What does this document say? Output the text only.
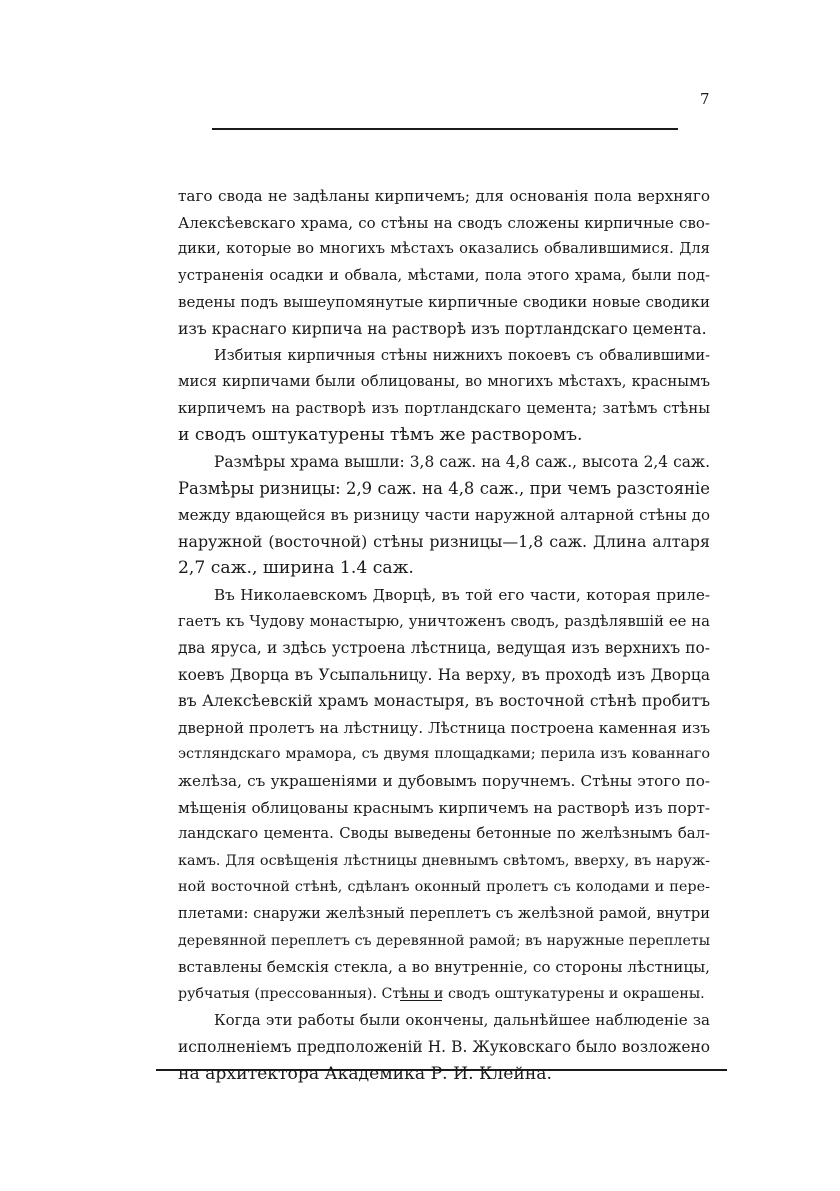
7
таго свода не задѣланы кирпичемъ; для основанія пола верхняго
Алексѣевскаго храма, со стѣны на сводъ сложены кирпичные сво-
дики, которые во многихъ мѣстахъ оказались обвалившимися. Для
устраненія осадки и обвала, мѣстами, пола этого храма, были под-
ведены подъ вышеупомянутые кирпичные сводики новые сводики
изъ краснаго кирпича на растворѣ изъ портландскаго цемента.
Избитыя кирпичныя стѣны нижнихъ покоевъ съ обвалившими-
мися кирпичами были облицованы, во многихъ мѣстахъ, краснымъ
кирпичемъ на растворѣ изъ портландскаго цемента; затѣмъ стѣны
и сводъ оштукатурены тѣмъ же растворомъ.
Размѣры храма вышли: 3,8 саж. на 4,8 саж., высота 2,4 саж.
Размѣры ризницы: 2,9 саж. на 4,8 саж., при чемъ разстояніе
между вдающейся въ ризницу части наружной алтарной стѣны до
наружной (восточной) стѣны ризницы—1,8 саж. Длина алтаря
2,7 саж., ширина 1.4 саж.
Въ Николаевскомъ Дворцѣ, въ той его части, которая приле-
гаетъ къ Чудову монастырю, уничтоженъ сводъ, раздѣлявшій ее на
два яруса, и здѣсь устроена лѣстница, ведущая изъ верхнихъ по-
коевъ Дворца въ Усыпальницу. На верху, въ проходѣ изъ Дворца
въ Алексѣевскій храмъ монастыря, въ восточной стѣнѣ пробитъ
дверной пролетъ на лѣстницу. Лѣстница построена каменная изъ
эстляндскаго мрамора, съ двумя площадками; перила изъ кованнаго
желѣза, съ украшеніями и дубовымъ поручнемъ. Стѣны этого по-
мѣщенія облицованы краснымъ кирпичемъ на растворѣ изъ порт-
ландскаго цемента. Своды выведены бетонные по желѣзнымъ бал-
камъ. Для освѣщенія лѣстницы дневнымъ свѣтомъ, вверху, въ наруж-
ной восточной стѣнѣ, сдѣланъ оконный пролетъ съ колодами и пере-
плетами: снаружи желѣзный переплетъ съ желѣзной рамой, внутри
деревянной переплетъ съ деревянной рамой; въ наружные переплеты
вставлены бемскія стекла, а во внутренніе, со стороны лѣстницы,
рубчатыя (прессованныя). Стѣны и сводъ оштукатурены и окрашены.
Когда эти работы были окончены, дальнѣйшее наблюденіе за
исполненіемъ предположеній Н. В. Жуковскаго было возложено
на архитектора Академика Р. И. Клейна.
